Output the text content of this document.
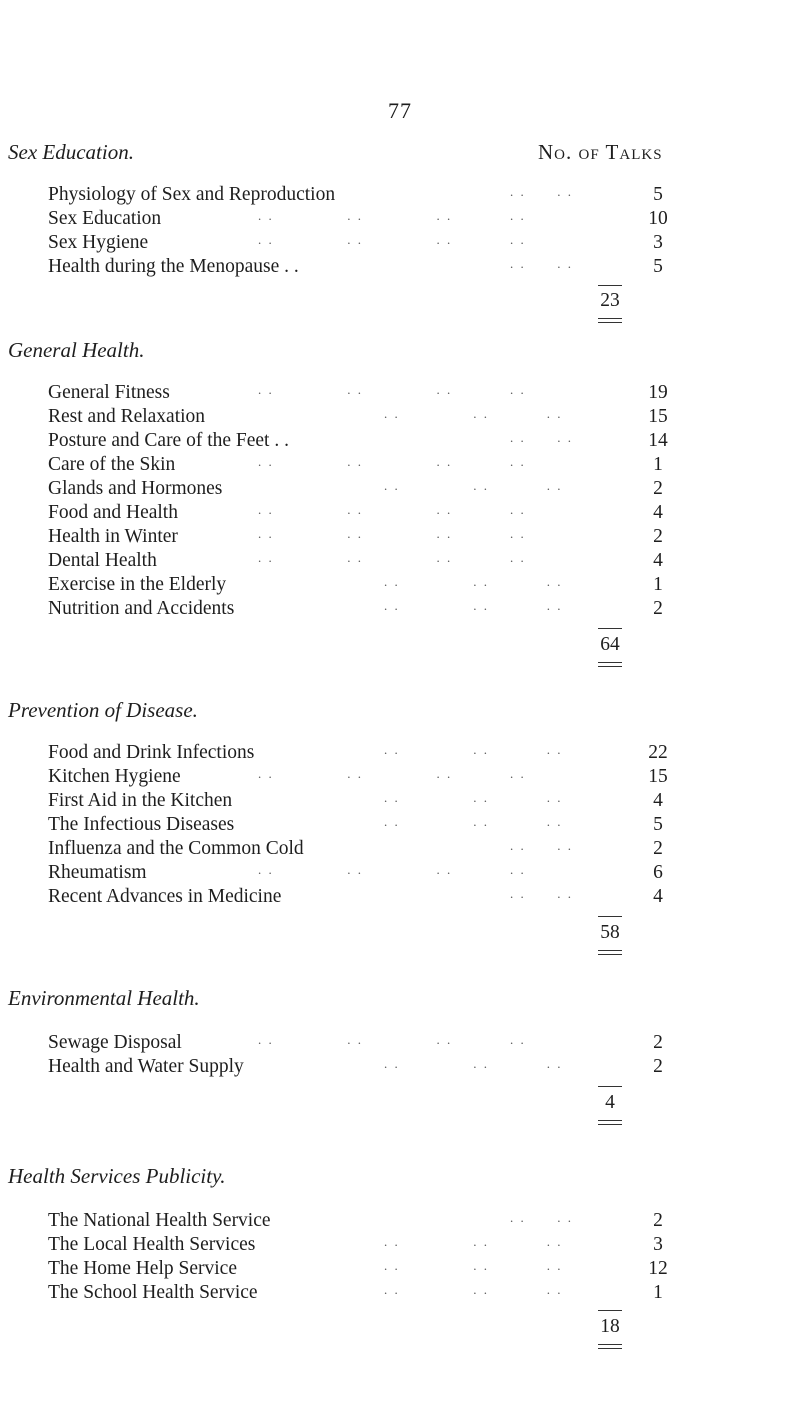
77
No. of Talks
Sex Education.
Physiology of Sex and Reproduction	. .      . .	5
Sex Education	. .              . .              . .           . .	10
Sex Hygiene	. .              . .              . .           . .	3
Health during the Menopause . .	. .      . .	5
23
General Health.
General Fitness	. .              . .              . .           . .	19
Rest and Relaxation	. .              . .           . .	15
Posture and Care of the Feet . .	. .      . .	14
Care of the Skin	. .              . .              . .           . .	1
Glands and Hormones	. .              . .           . .	2
Food and Health	. .              . .              . .           . .	4
Health in Winter	. .              . .              . .           . .	2
Dental Health	. .              . .              . .           . .	4
Exercise in the Elderly	. .              . .           . .	1
Nutrition and Accidents	. .              . .           . .	2
64
Prevention of Disease.
Food and Drink Infections	. .              . .           . .	22
Kitchen Hygiene	. .              . .              . .           . .	15
First Aid in the Kitchen	. .              . .           . .	4
The Infectious Diseases	. .              . .           . .	5
Influenza and the Common Cold	. .      . .	2
Rheumatism	. .              . .              . .           . .	6
Recent Advances in Medicine	. .      . .	4
58
Environmental Health.
Sewage Disposal	. .              . .              . .           . .	2
Health and Water Supply	. .              . .           . .	2
4
Health Services Publicity.
The National Health Service	. .      . .	2
The Local Health Services	. .              . .           . .	3
The Home Help Service	. .              . .           . .	12
The School Health Service	. .              . .           . .	1
18
